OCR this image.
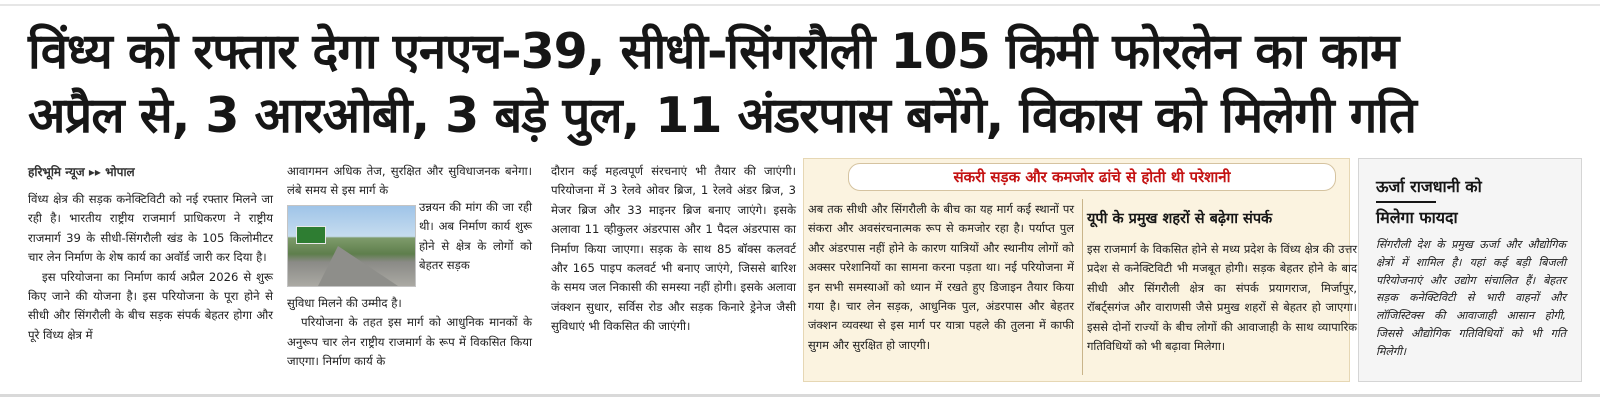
विंध्य को रफ्तार देगा एनएच-39, सीधी-सिंगरौली 105 किमी फोरलेन का काम
अप्रैल से, 3 आरओबी, 3 बड़े पुल, 11 अंडरपास बनेंगे, विकास को मिलेगी गति
हरिभूमि न्यूज ▸▸ भोपाल

विंध्य क्षेत्र की सड़क कनेक्टिविटी को नई रफ्तार मिलने जा रही है। भारतीय राष्ट्रीय राजमार्ग प्राधिकरण ने राष्ट्रीय राजमार्ग 39 के सीधी-सिंगरौली खंड के 105 किलोमीटर चार लेन निर्माण के शेष कार्य का अवॉर्ड जारी कर दिया है।

इस परियोजना का निर्माण कार्य अप्रैल 2026 से शुरू किए जाने की योजना है। इस परियोजना के पूरा होने से सीधी और सिंगरौली के बीच सड़क संपर्क बेहतर होगा और पूरे विंध्य क्षेत्र में

आवागमन अधिक तेज, सुरक्षित और सुविधाजनक बनेगा। लंबे समय से इस मार्ग के

उन्नयन की मांग की जा रही थी। अब निर्माण कार्य शुरू होने से क्षेत्र के लोगों को बेहतर सड़क

सुविधा मिलने की उम्मीद है।

परियोजना के तहत इस मार्ग को आधुनिक मानकों के अनुरूप चार लेन राष्ट्रीय राजमार्ग के रूप में विकसित किया जाएगा। निर्माण कार्य के

दौरान कई महत्वपूर्ण संरचनाएं भी तैयार की जाएंगी। परियोजना में 3 रेलवे ओवर ब्रिज, 1 रेलवे अंडर ब्रिज, 3 मेजर ब्रिज और 33 माइनर ब्रिज बनाए जाएंगे। इसके अलावा 11 व्हीकुलर अंडरपास और 1 पैदल अंडरपास का निर्माण किया जाएगा। सड़क के साथ 85 बॉक्स कलवर्ट और 165 पाइप कलवर्ट भी बनाए जाएंगे, जिससे बारिश के समय जल निकासी की समस्या नहीं होगी। इसके अलावा जंक्शन सुधार, सर्विस रोड और सड़क किनारे ड्रेनेज जैसी सुविधाएं भी विकसित की जाएंगी।

संकरी सड़क और कमजोर ढांचे से होती थी परेशानी

अब तक सीधी और सिंगरौली के बीच का यह मार्ग कई स्थानों पर संकरा और अवसंरचनात्मक रूप से कमजोर रहा है। पर्याप्त पुल और अंडरपास नहीं होने के कारण यात्रियों और स्थानीय लोगों को अक्सर परेशानियों का सामना करना पड़ता था। नई परियोजना में इन सभी समस्याओं को ध्यान में रखते हुए डिजाइन तैयार किया गया है। चार लेन सड़क, आधुनिक पुल, अंडरपास और बेहतर जंक्शन व्यवस्था से इस मार्ग पर यात्रा पहले की तुलना में काफी सुगम और सुरक्षित हो जाएगी।

यूपी के प्रमुख शहरों से बढ़ेगा संपर्क

इस राजमार्ग के विकसित होने से मध्य प्रदेश के विंध्य क्षेत्र की उत्तर प्रदेश से कनेक्टिविटी भी मजबूत होगी। सड़क बेहतर होने के बाद सीधी और सिंगरौली क्षेत्र का संपर्क प्रयागराज, मिर्जापुर, रॉबर्ट्सगंज और वाराणसी जैसे प्रमुख शहरों से बेहतर हो जाएगा। इससे दोनों राज्यों के बीच लोगों की आवाजाही के साथ व्यापारिक गतिविधियों को भी बढ़ावा मिलेगा।

ऊर्जा राजधानी को
मिलेगा फायदा

सिंगरौली देश के प्रमुख ऊर्जा और औद्योगिक क्षेत्रों में शामिल है। यहां कई बड़ी बिजली परियोजनाएं और उद्योग संचालित हैं। बेहतर सड़क कनेक्टिविटी से भारी वाहनों और लॉजिस्टिक्स की आवाजाही आसान होगी, जिससे औद्योगिक गतिविधियों को भी गति मिलेगी।
